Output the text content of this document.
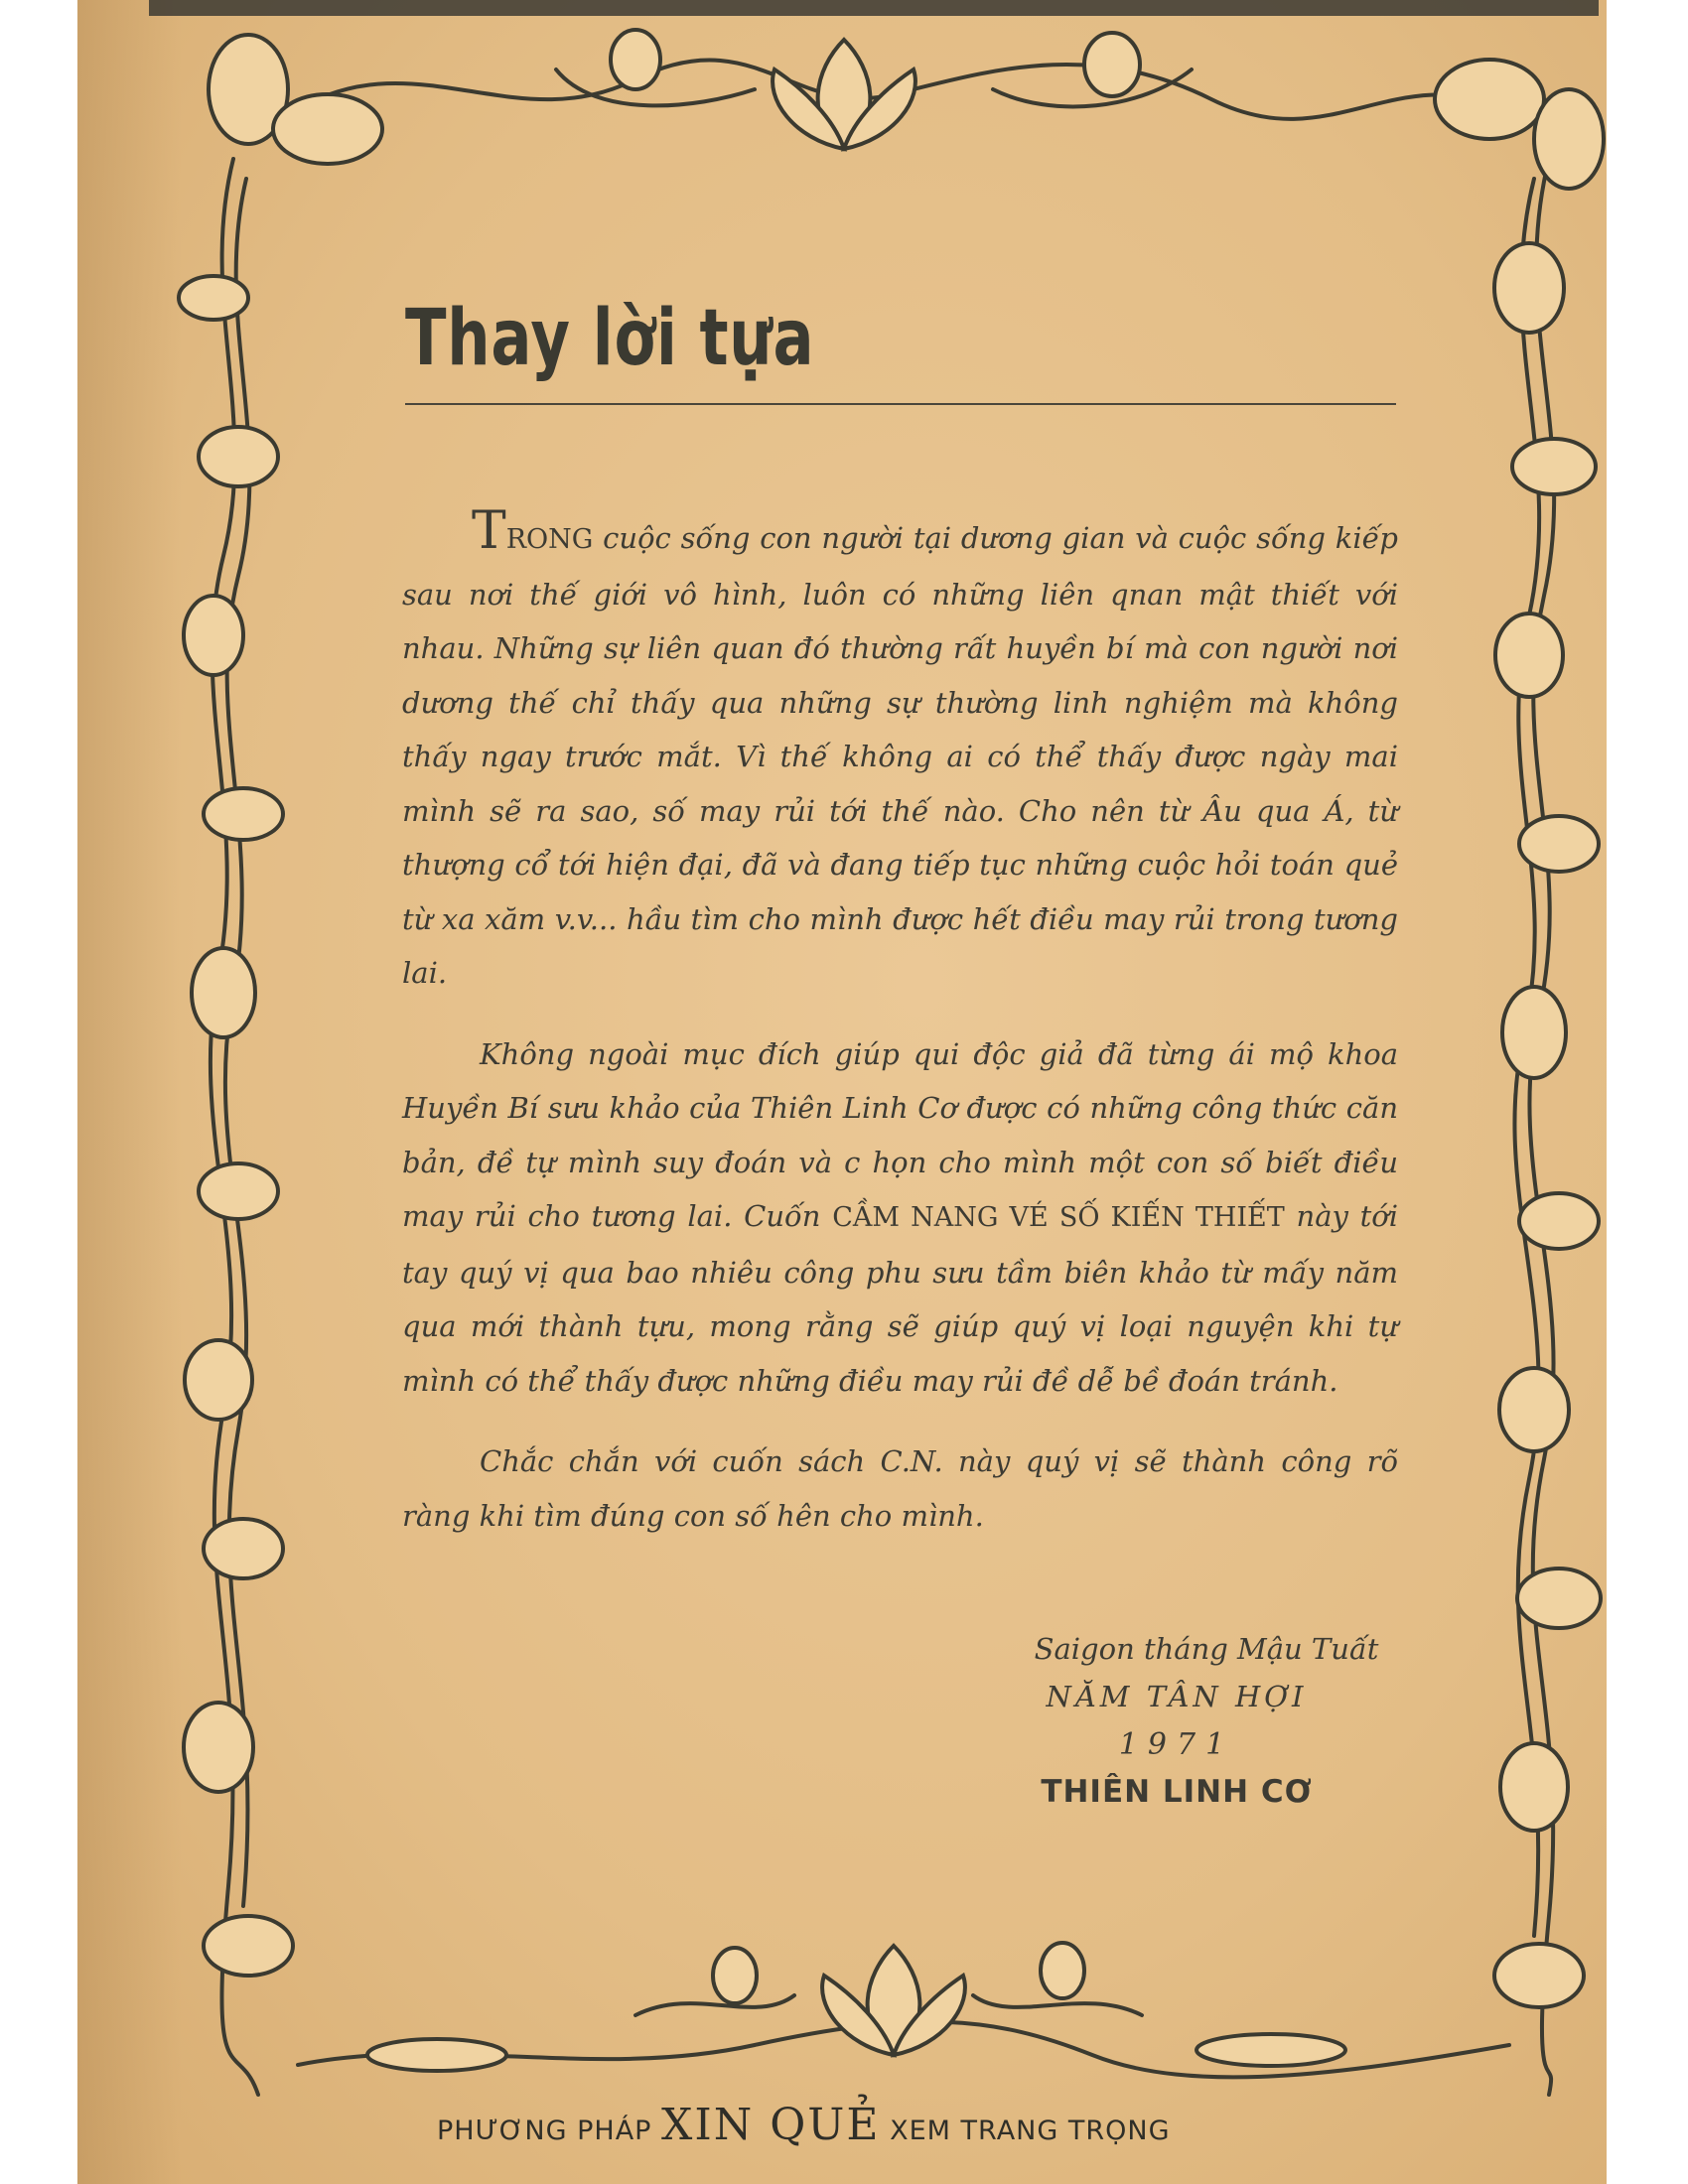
Thay lời tựa

TRONG cuộc sống con người tại dương gian và cuộc sống kiếp sau nơi thế giới vô hình, luôn có những liên qnan mật thiết với nhau. Những sự liên quan đó thường rất huyền bí mà con người nơi dương thế chỉ thấy qua những sự thường linh nghiệm mà không thấy ngay trước mắt. Vì thế không ai có thể thấy được ngày mai mình sẽ ra sao, số may rủi tới thế nào. Cho nên từ Âu qua Á, từ thượng cổ tới hiện đại, đã và đang tiếp tục những cuộc hỏi toán quẻ từ xa xăm v.v... hầu tìm cho mình được hết điều may rủi trong tương lai.

Không ngoài mục đích giúp qui độc giả đã từng ái mộ khoa Huyền Bí sưu khảo của Thiên Linh Cơ được có những công thức căn bản, đề tự mình suy đoán và c họn cho mình một con số biết điều may rủi cho tương lai. Cuốn CẦM NANG VÉ SỐ KIẾN THIẾT này tới tay quý vị qua bao nhiêu công phu sưu tầm biên khảo từ mấy năm qua mới thành tựu, mong rằng sẽ giúp quý vị loại nguyện khi tự mình có thể thấy được những điều may rủi đề dễ bề đoán tránh.

Chắc chắn với cuốn sách C.N. này quý vị sẽ thành công rõ ràng khi tìm đúng con số hên cho mình.

Saigon tháng Mậu Tuất
NĂM TÂN HỢI
1971
THIÊN LINH CƠ
PHƯƠNG PHÁP XIN QUẺ XEM TRANG TRỌNG
